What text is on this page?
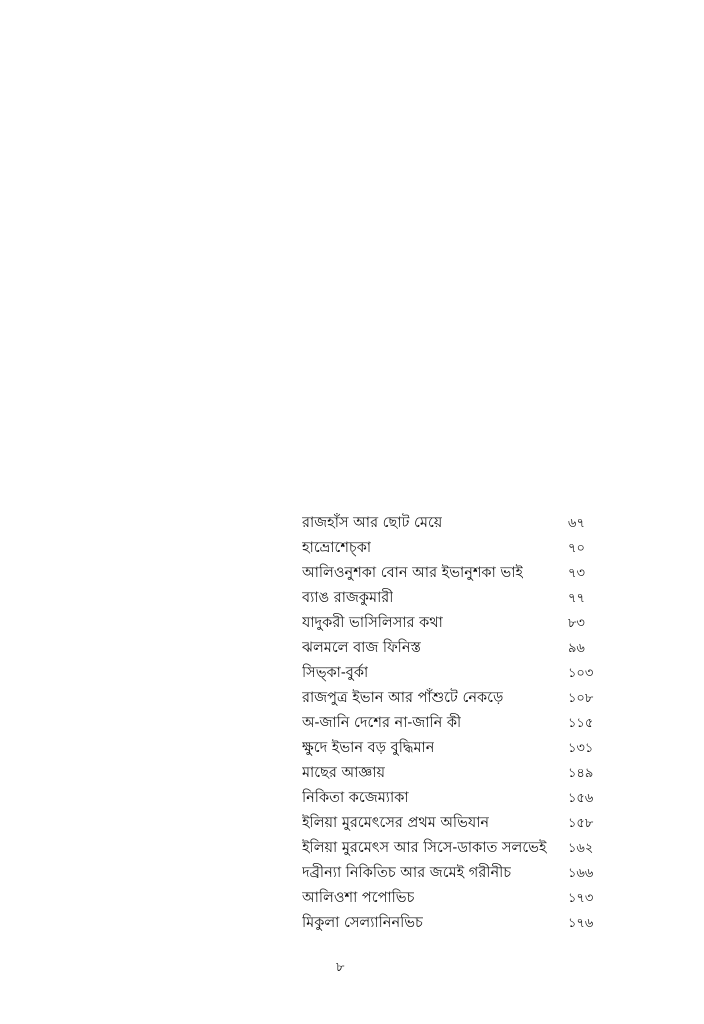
রাজহাঁস আর ছোট মেয়ে	৬৭
হাভ্রোশেচ্কা	৭০
আলিওনুশকা বোন আর ইভানুশকা ভাই	৭৩
ব্যাঙ রাজকুমারী	৭৭
যাদুকরী ভাসিলিসার কথা	৮৩
ঝলমলে বাজ ফিনিস্ত	৯৬
সিভ্কা-বুর্কা	১০৩
রাজপুত্র ইভান আর পাঁশুটে নেকড়ে	১০৮
অ-জানি দেশের না-জানি কী	১১৫
ক্ষুদে ইভান বড় বুদ্ধিমান	১৩১
মাছের আজ্ঞায়	১৪৯
নিকিতা কজেম্যাকা	১৫৬
ইলিয়া মুরমেৎসের প্রথম অভিযান	১৫৮
ইলিয়া মুরমেৎস আর সিসে-ডাকাত সলভেই ১৬২
দব্রীন্যা নিকিতিচ আর জমেই গরীনীচ	১৬৬
আলিওশা পপোভিচ	১৭৩
মিকুলা সেল্যানিনভিচ	১৭৬
৮
